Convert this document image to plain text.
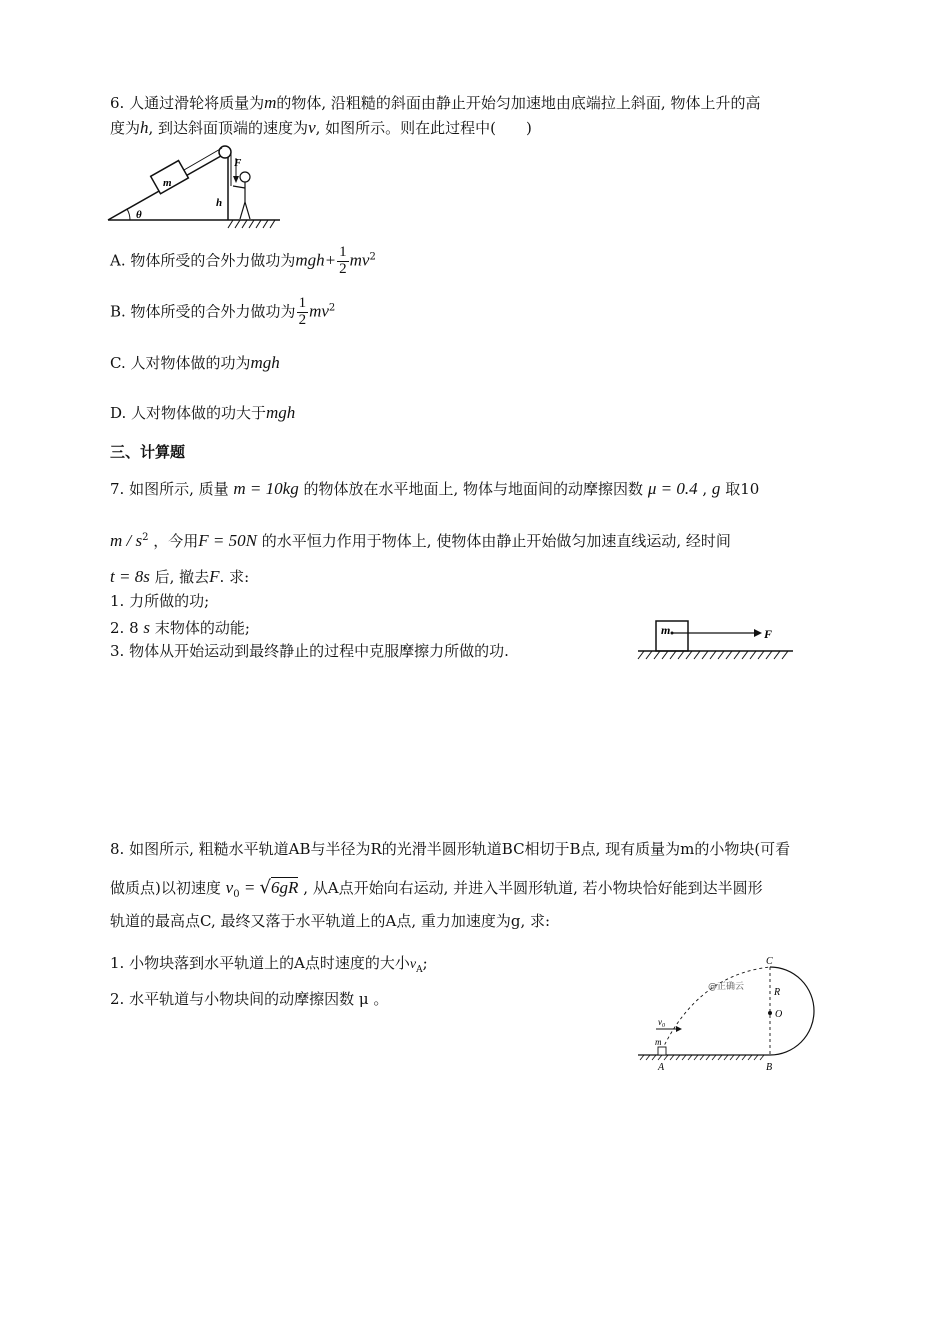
6. 人通过滑轮将质量为m的物体, 沿粗糙的斜面由静止开始匀加速地由底端拉上斜面, 物体上升的高
度为h, 到达斜面顶端的速度为v, 如图所示。则在此过程中(　　)
m
F
h
θ
A. 物体所受的合外力做功为$mgh+ \frac{1}{2} mv^2$
B. 物体所受的合外力做功为 $\frac{1}{2} mv^2$
C. 人对物体做的功为mgh
D. 人对物体做的功大于mgh
三、计算题
7. 如图所示, 质量 m = 10kg 的物体放在水平地面上, 物体与地面间的动摩擦因数 μ = 0.4 , g 取10
m / $s^2$ ，今用F = 50N 的水平恒力作用于物体上, 使物体由静止开始做匀加速直线运动, 经时间
t = 8s 后, 撤去F. 求:
1. 力所做的功;
2. 8 s 末物体的动能;
3. 物体从开始运动到最终静止的过程中克服摩擦力所做的功.
m	F
8. 如图所示, 粗糙水平轨道AB与半径为R的光滑半圆形轨道BC相切于B点, 现有质量为m的小物块(可看
做质点)以初速度 $v_0 = √6gR$ , 从A点开始向右运动, 并进入半圆形轨道, 若小物块恰好能到达半圆形
轨道的最高点C, 最终又落于水平轨道上的A点, 重力加速度为g, 求:
1. 小物块落到水平轨道上的A点时速度的大小$v_A$;
2. 水平轨道与小物块间的动摩擦因数 μ 。
$v_0$
m
A	B
C
R
O
@正确云
